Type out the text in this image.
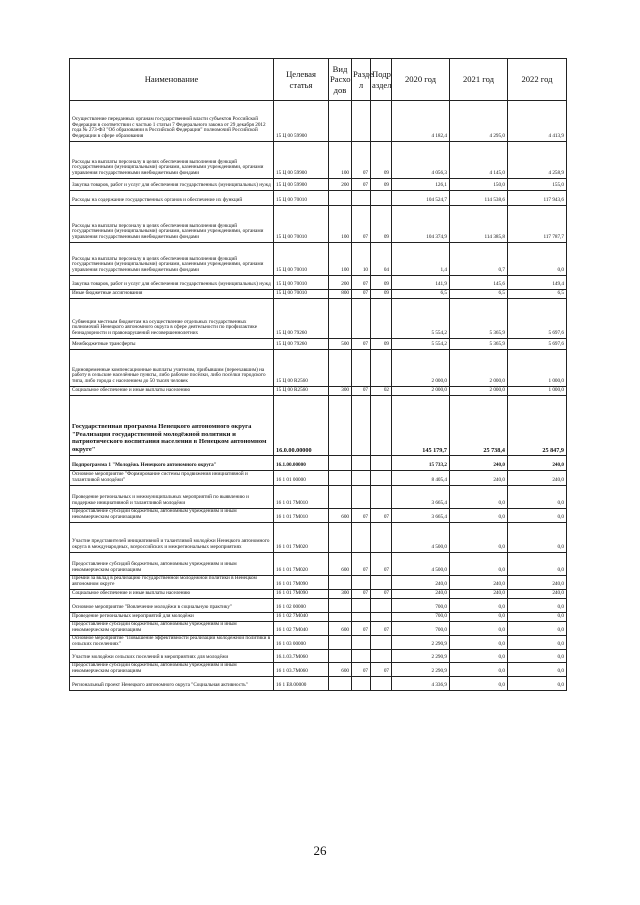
Наименование	Целевая статья	Вид Расхо дов	Разде л	Подр аздел	2020 год	2021 год	2022 год
Осуществление переданных органам государственной власти субъектов Российской Федерации в соответствии с частью 1 статьи 7 Федерального закона от 29 декабря 2012 года № 273-ФЗ "Об образовании в Российской Федерации" полномочий Российской Федерации в сфере образования	15 Ц 00 59900				4 182,4	4 295,0	4 413,9
Расходы на выплаты персоналу в целях обеспечения выполнения функций государственными (муниципальными) органами, казенными учреждениями, органами управления государственными внебюджетными фондами	15 Ц 00 59900	100	07	09	4 056,3	4 145,0	4 258,9
Закупка товаров, работ и услуг для обеспечения государственных (муниципальных) нужд	15 Ц 00 59900	200	07	09	126,1	150,0	155,0
Расходы на содержание государственных органов и обеспечение их функций	15 Ц 00 70010				104 524,7	114 538,6	117 943,6
Расходы на выплаты персоналу в целях обеспечения выполнения функций государственными (муниципальными) органами, казенными учреждениями, органами управления государственными внебюджетными фондами	15 Ц 00 70010	100	07	09	104 374,9	114 385,8	117 787,7
Расходы на выплаты персоналу в целях обеспечения выполнения функций государственными (муниципальными) органами, казенными учреждениями, органами управления государственными внебюджетными фондами	15 Ц 00 70010	100	10	04	1,4	0,7	0,0
Закупка товаров, работ и услуг для обеспечения государственных (муниципальных) нужд	15 Ц 00 70010	200	07	09	141,9	145,6	149,4
Иные бюджетные ассигнования	15 Ц 00 70010	800	07	09	6,5	6,5	6,5
Субвенции местным бюджетам на осуществление отдельных государственных полномочий Ненецкого автономного округа в сфере деятельности по профилактике безнадзорности и правонарушений несовершеннолетних	15 Ц 00 79260				5 554,2	5 365,9	5 697,6
Межбюджетные трансферты	15 Ц 00 79260	500	07	09	5 554,2	5 365,9	5 697,6
Единовременные компенсационные выплаты учителям, прибывшим (переехавшим) на работу в сельские населённые пункты, либо рабочие посёлки, либо посёлки городского типа, либо города с населением до 50 тысяч человек	15 Ц 00 R2560				2 000,0	2 000,0	1 000,0
Социальное обеспечение и иные выплаты населению	15 Ц 00 R2560	300	07	02	2 000,0	2 000,0	1 000,0
Государственная программа Ненецкого автономного округа "Реализация государственной молодёжной политики и патриотического воспитания населения в Ненецком автономном округе"	16.0.00.00000				145 179,7	25 738,4	25 847,9
Подпрограмма 1 "Молодёжь Ненецкого автономного округа"	16.1.00.00000				15 733,2	240,0	240,0
Основное мероприятие "Формирование системы продвижения инициативной и талантливой молодёжи"	16 1 01 00000				8 405,4	240,0	240,0
Проведение региональных и межмуниципальных мероприятий по выявлению и поддержке инициативной и талантливой молодёжи	16 1 01 7М010				3 665,4	0,0	0,0
Предоставление субсидий бюджетным, автономным учреждениям и иным некоммерческим организациям	16 1 01 7М010	600	07	07	3 665,4	0,0	0,0
Участие представителей инициативной и талантливой молодёжи Ненецкого автономного округа в международных, всероссийских и межрегиональных мероприятиях	16 1 01 7М020				4 500,0	0,0	0,0
Предоставление субсидий бюджетным, автономным учреждениям и иным некоммерческим организациям	16 1 01 7М020	600	07	07	4 500,0	0,0	0,0
Премии за вклад в реализацию государственной молодёжной политики в Ненецком автономном округе	16 1 01 7М090				240,0	240,0	240,0
Социальное обеспечение и иные выплаты населению	16 1 01 7М090	300	07	07	240,0	240,0	240,0
Основное мероприятие "Вовлечение молодёжи в социальную практику"	16 1 02 00000				700,0	0,0	0,0
Проведение региональных мероприятий для молодёжи	16 1 02 7М040				700,0	0,0	0,0
Предоставление субсидий бюджетным, автономным учреждениям и иным некоммерческим организациям	16 1 02 7М040	600	07	07	700,0	0,0	0,0
Основное мероприятие "Повышение эффективности реализации молодёжной политики в сельских поселениях"	16 1 03 00000				2 290,9	0,0	0,0
Участие молодёжи сельских поселений в мероприятиях для молодёжи	16.1.03.7М060				2 290,9	0,0	0,0
Предоставление субсидий бюджетным, автономным учреждениям и иным некоммерческим организациям	16 1 03.7М060	600	07	07	2 290,9	0,0	0,0
Региональный проект Ненецкого автономного округа "Социальная активность"	16 1 Е8.00000				4 336,9	0,0	0,0
26
